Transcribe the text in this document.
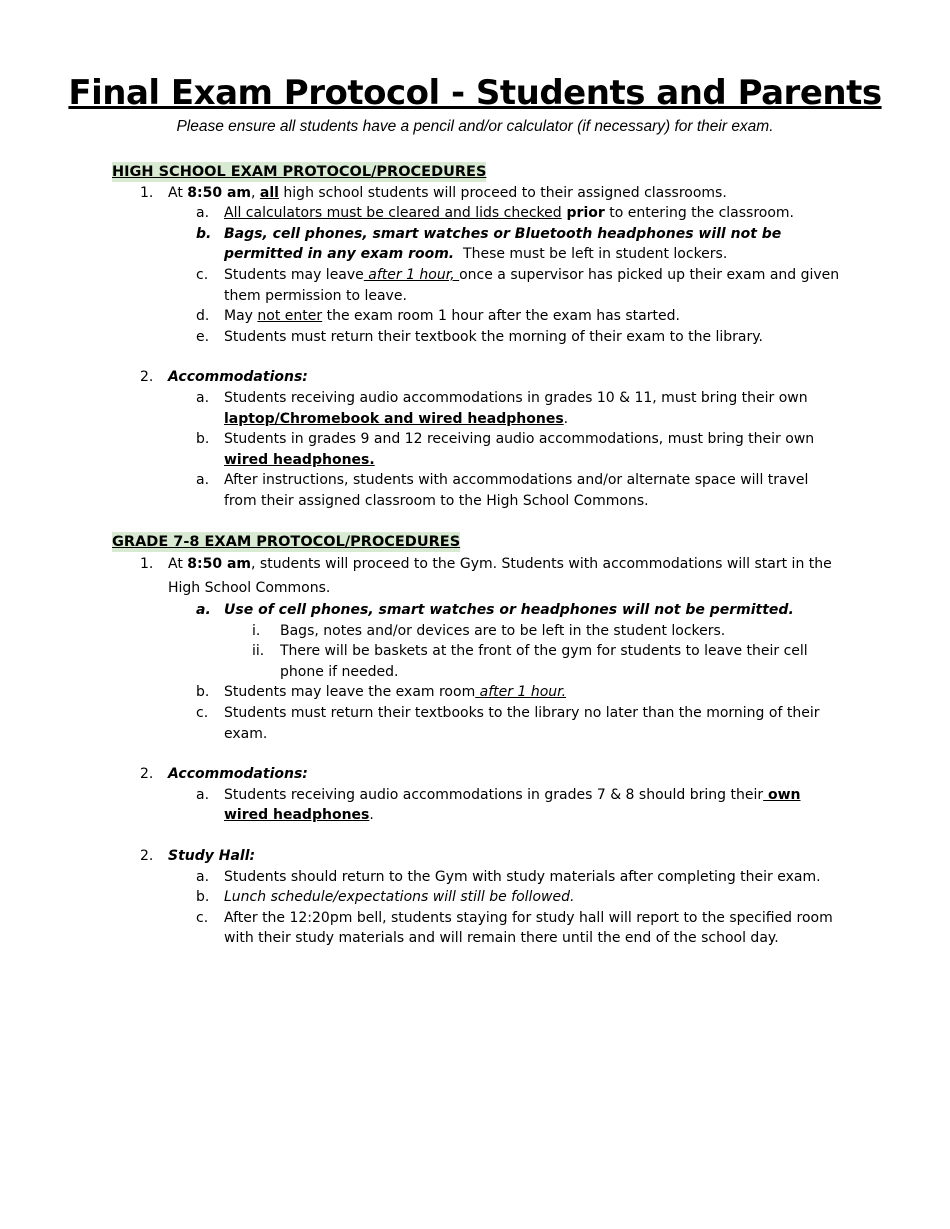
Final Exam Protocol - Students and Parents

Please ensure all students have a pencil and/or calculator (if necessary) for their exam.

HIGH SCHOOL EXAM PROTOCOL/PROCEDURES

1. At 8:50 am, all high school students will proceed to their assigned classrooms.

a. All calculators must be cleared and lids checked prior to entering the classroom.

b. Bags, cell phones, smart watches or Bluetooth headphones will not be permitted in any exam room.  These must be left in student lockers.

c. Students may leave after 1 hour, once a supervisor has picked up their exam and given them permission to leave.

d. May not enter the exam room 1 hour after the exam has started.

e. Students must return their textbook the morning of their exam to the library.

2. Accommodations:

a. Students receiving audio accommodations in grades 10 & 11, must bring their own laptop/Chromebook and wired headphones.

b. Students in grades 9 and 12 receiving audio accommodations, must bring their own wired headphones.

a. After instructions, students with accommodations and/or alternate space will travel from their assigned classroom to the High School Commons.

GRADE 7-8 EXAM PROTOCOL/PROCEDURES

1. At 8:50 am, students will proceed to the Gym. Students with accommodations will start in the High School Commons.

a. Use of cell phones, smart watches or headphones will not be permitted.

i. Bags, notes and/or devices are to be left in the student lockers.

ii. There will be baskets at the front of the gym for students to leave their cell phone if needed.

b. Students may leave the exam room after 1 hour.

c. Students must return their textbooks to the library no later than the morning of their exam.

2. Accommodations:

a. Students receiving audio accommodations in grades 7 & 8 should bring their own wired headphones.

2. Study Hall:

a. Students should return to the Gym with study materials after completing their exam.

b. Lunch schedule/expectations will still be followed.

c. After the 12:20pm bell, students staying for study hall will report to the specified room with their study materials and will remain there until the end of the school day.
